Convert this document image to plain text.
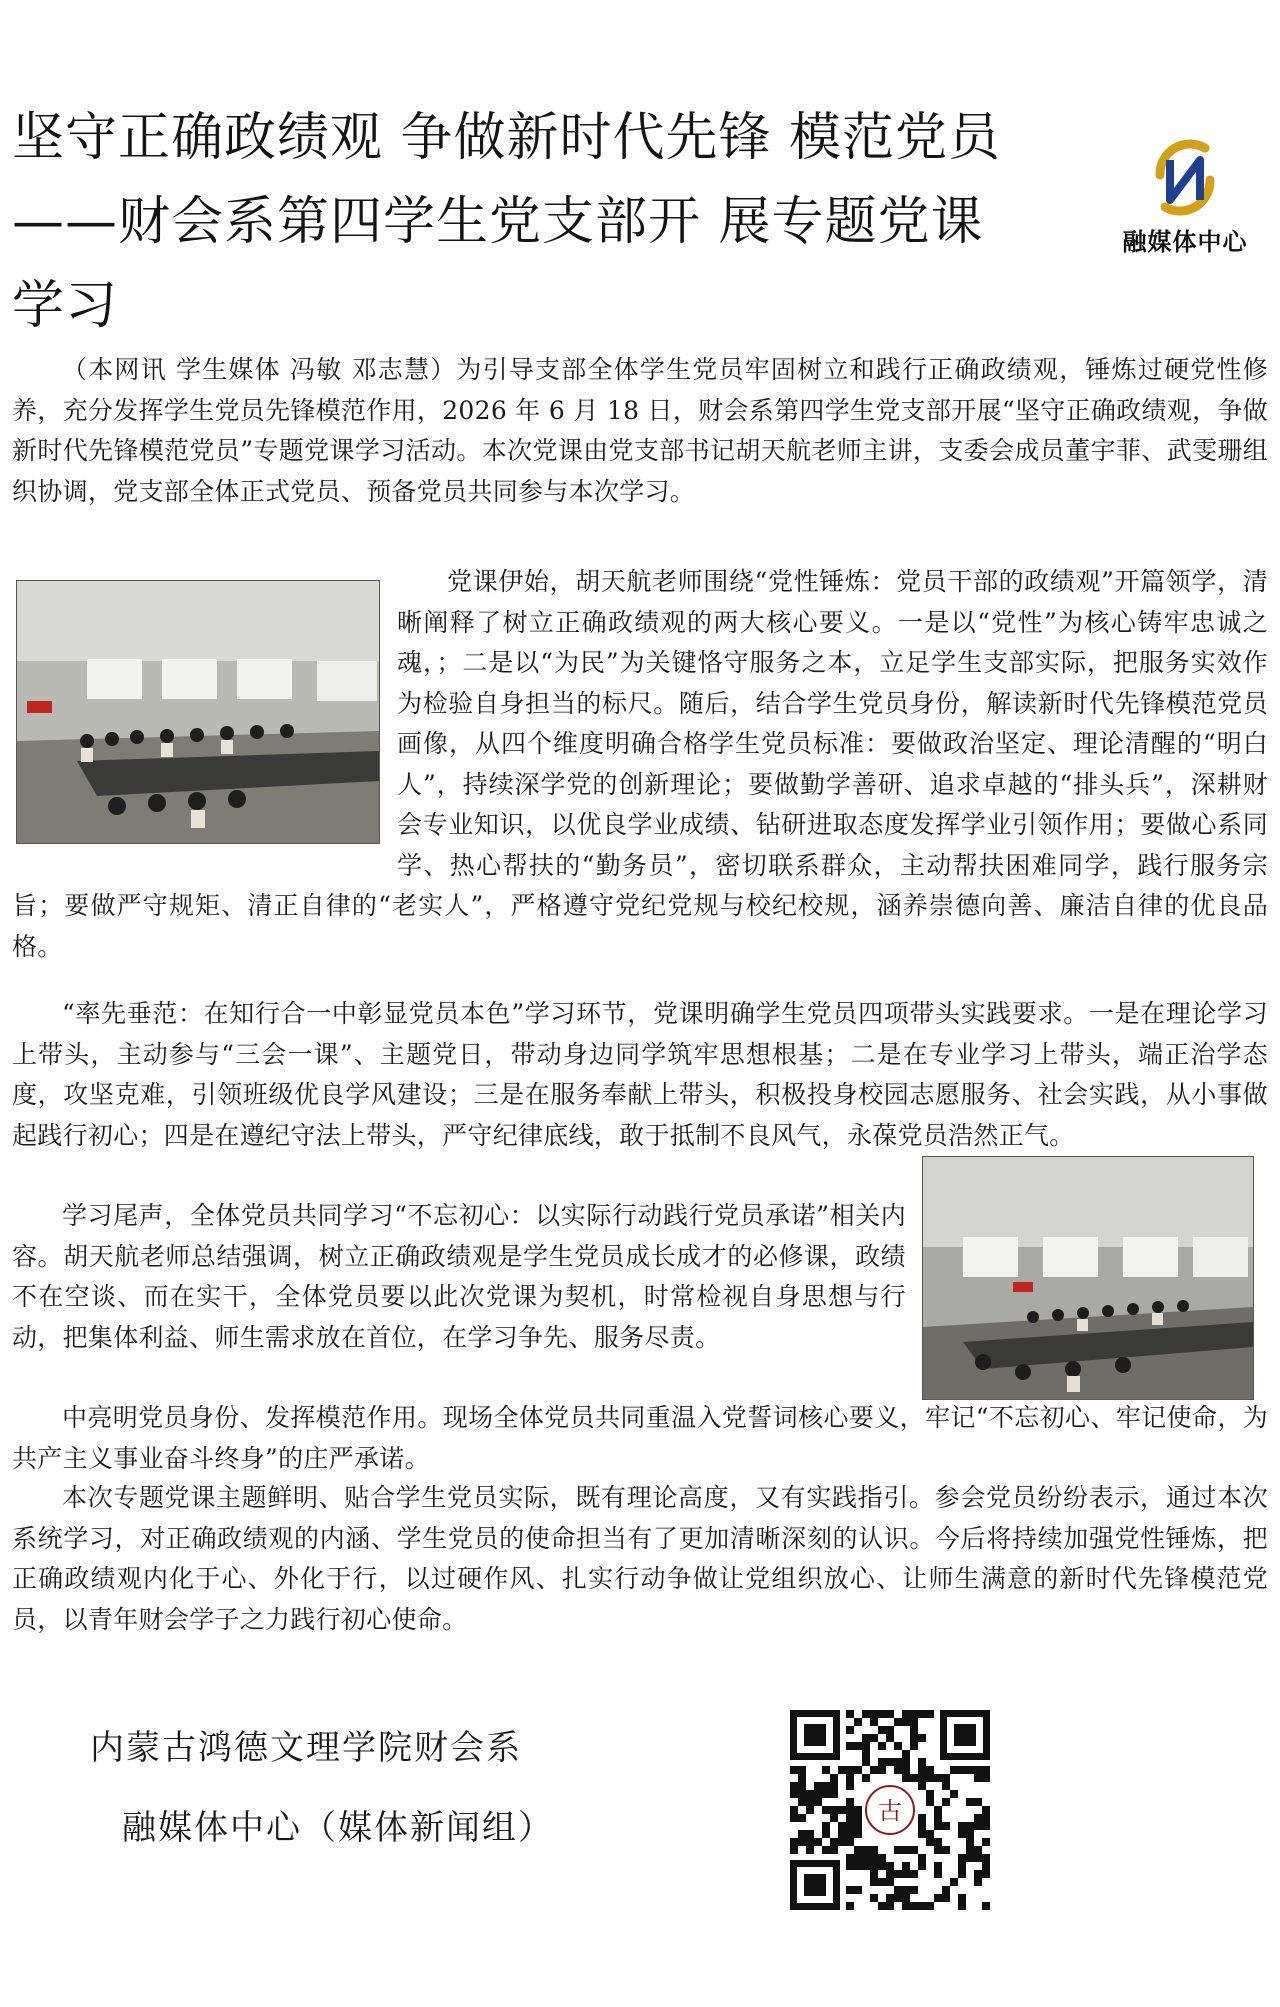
坚守正确政绩观 争做新时代先锋 模范党员——财会系第四学生党支部开 展专题党课学习
融媒体中心

（本网讯 学生媒体 冯敏 邓志慧）为引导支部全体学生党员牢固树立和践行正确政绩观，锤炼过硬党性修养，充分发挥学生党员先锋模范作用，2026 年 6 月 18 日，财会系第四学生党支部开展“坚守正确政绩观，争做新时代先锋模范党员”专题党课学习活动。本次党课由党支部书记胡天航老师主讲，支委会成员董宇菲、武雯珊组织协调，党支部全体正式党员、预备党员共同参与本次学习。

党课伊始，胡天航老师围绕“党性锤炼：党员干部的政绩观”开篇领学，清晰阐释了树立正确政绩观的两大核心要义。一是以“党性”为核心铸牢忠诚之魂，；二是以“为民”为关键恪守服务之本，立足学生支部实际，把服务实效作为检验自身担当的标尺。随后，结合学生党员身份，解读新时代先锋模范党员画像，从四个维度明确合格学生党员标准：要做政治坚定、理论清醒的“明白人”，持续深学党的创新理论；要做勤学善研、追求卓越的“排头兵”，深耕财会专业知识，以优良学业成绩、钻研进取态度发挥学业引领作用；要做心系同学、热心帮扶的“勤务员”，密切联系群众，主动帮扶困难同学，践行服务宗旨；要做严守规矩、清正自律的“老实人”，严格遵守党纪党规与校纪校规，涵养崇德向善、廉洁自律的优良品格。

“率先垂范：在知行合一中彰显党员本色”学习环节，党课明确学生党员四项带头实践要求。一是在理论学习上带头，主动参与“三会一课”、主题党日，带动身边同学筑牢思想根基；二是在专业学习上带头，端正治学态度，攻坚克难，引领班级优良学风建设；三是在服务奉献上带头，积极投身校园志愿服务、社会实践，从小事做起践行初心；四是在遵纪守法上带头，严守纪律底线，敢于抵制不良风气，永葆党员浩然正气。

学习尾声，全体党员共同学习“不忘初心：以实际行动践行党员承诺”相关内容。胡天航老师总结强调，树立正确政绩观是学生党员成长成才的必修课，政绩不在空谈、而在实干，全体党员要以此次党课为契机，时常检视自身思想与行动，把集体利益、师生需求放在首位，在学习争先、服务尽责。

中亮明党员身份、发挥模范作用。现场全体党员共同重温入党誓词核心要义，牢记“不忘初心、牢记使命，为共产主义事业奋斗终身”的庄严承诺。

本次专题党课主题鲜明、贴合学生党员实际，既有理论高度，又有实践指引。参会党员纷纷表示，通过本次系统学习，对正确政绩观的内涵、学生党员的使命担当有了更加清晰深刻的认识。今后将持续加强党性锤炼，把正确政绩观内化于心、外化于行，以过硬作风、扎实行动争做让党组织放心、让师生满意的新时代先锋模范党员，以青年财会学子之力践行初心使命。

内蒙古鸿德文理学院财会系
融媒体中心（媒体新闻组）	古
